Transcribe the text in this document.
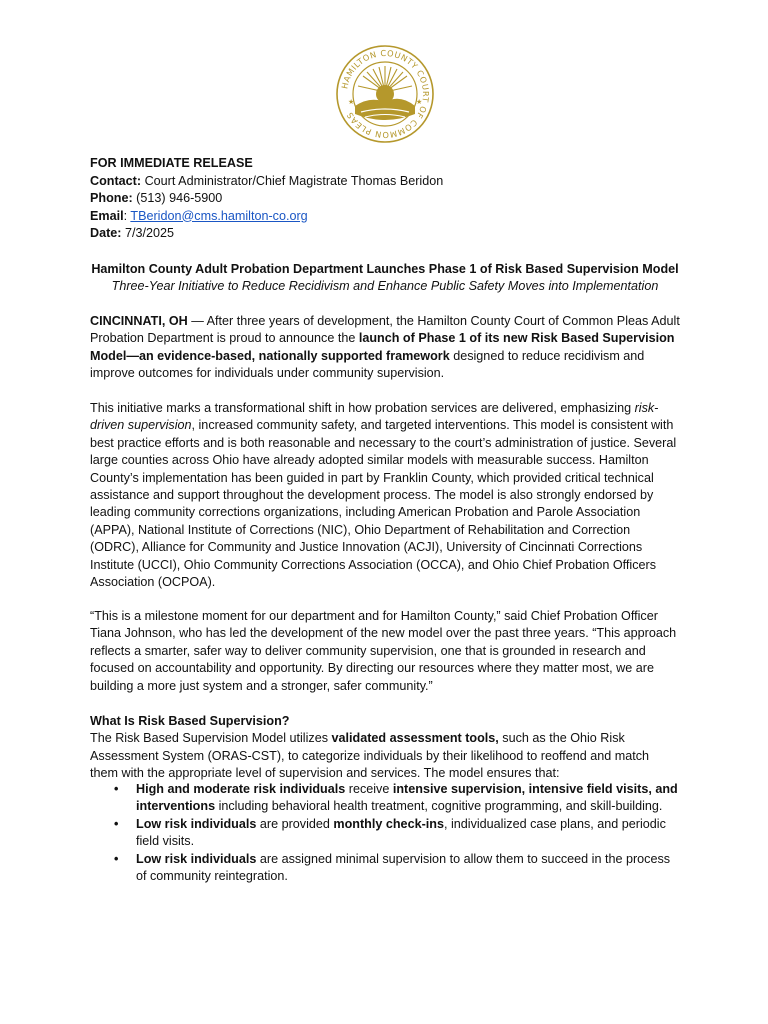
HAMILTON COUNTY COURT OF COMMON PLEAS
★	★
FOR IMMEDIATE RELEASE
Contact: Court Administrator/Chief Magistrate Thomas Beridon
Phone: (513) 946-5900
Email: TBeridon@cms.hamilton-co.org
Date: 7/3/2025
Hamilton County Adult Probation Department Launches Phase 1 of Risk Based Supervision Model
Three-Year Initiative to Reduce Recidivism and Enhance Public Safety Moves into Implementation

CINCINNATI, OH — After three years of development, the Hamilton County Court of Common Pleas Adult Probation Department is proud to announce the launch of Phase 1 of its new Risk Based Supervision Model—an evidence-based, nationally supported framework designed to reduce recidivism and improve outcomes for individuals under community supervision.

This initiative marks a transformational shift in how probation services are delivered, emphasizing risk-driven supervision, increased community safety, and targeted interventions. This model is consistent with best practice efforts and is both reasonable and necessary to the court’s administration of justice. Several large counties across Ohio have already adopted similar models with measurable success. Hamilton County’s implementation has been guided in part by Franklin County, which provided critical technical assistance and support throughout the development process. The model is also strongly endorsed by leading community corrections organizations, including American Probation and Parole Association (APPA), National Institute of Corrections (NIC), Ohio Department of Rehabilitation and Correction (ODRC), Alliance for Community and Justice Innovation (ACJI), University of Cincinnati Corrections Institute (UCCI), Ohio Community Corrections Association (OCCA), and Ohio Chief Probation Officers Association (OCPOA).

“This is a milestone moment for our department and for Hamilton County,” said Chief Probation Officer Tiana Johnson, who has led the development of the new model over the past three years. “This approach reflects a smarter, safer way to deliver community supervision, one that is grounded in research and focused on accountability and opportunity. By directing our resources where they matter most, we are building a more just system and a stronger, safer community.”

What Is Risk Based Supervision?
The Risk Based Supervision Model utilizes validated assessment tools, such as the Ohio Risk Assessment System (ORAS-CST), to categorize individuals by their likelihood to reoffend and match them with the appropriate level of supervision and services. The model ensures that:
• High and moderate risk individuals receive intensive supervision, intensive field visits, and interventions including behavioral health treatment, cognitive programming, and skill-building.
• Low risk individuals are provided monthly check-ins, individualized case plans, and periodic field visits.
• Low risk individuals are assigned minimal supervision to allow them to succeed in the process of community reintegration.
